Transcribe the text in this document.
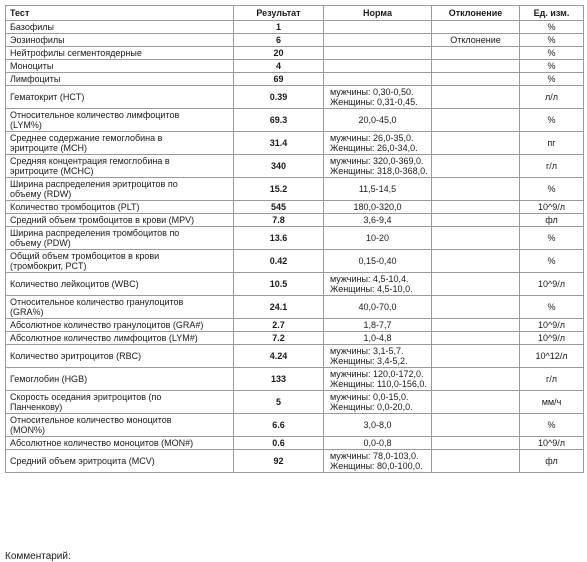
Тест	Результат	Норма	Отклонение	Ед. изм.

Базофилы	1			%

Эозинофилы	6		Отклонение	%

Нейтрофилы сегментоядерные	20			%

Моноциты	4			%

Лимфоциты	69			%

Гематокрит (HCT)	0.39	мужчины: 0,30-0,50.
Женщины: 0,31-0,45.		л/л

Относительное количество лимфоцитов
(LYM%)	69.3	20,0-45,0		%

Среднее содержание гемоглобина в
эритроците (MCH)	31.4	мужчины: 26,0-35,0.
Женщины: 26,0-34,0.		пг

Средняя концентрация гемоглобина в
эритроците (MCHC)	340	мужчины: 320,0-369,0.
Женщины: 318,0-368,0.		г/л

Ширина распределения эритроцитов по
объему (RDW)	15.2	11,5-14,5		%

Количество тромбоцитов (PLT)	545	180,0-320,0		10^9/л

Средний объем тромбоцитов в крови (MPV)	7.8	3,6-9,4		фл

Ширина распределения тромбоцитов по
объему (PDW)	13.6	10-20		%

Общий объем тромбоцитов в крови
(тромбокрит, PCT)	0.42	0,15-0,40		%

Количество лейкоцитов (WBC)	10.5	мужчины: 4,5-10,4.
Женщины: 4,5-10,0.		10^9/л

Относительное количество гранулоцитов
(GRA%)	24.1	40,0-70,0		%

Абсолютное количество гранулоцитов (GRA#)	2.7	1,8-7,7		10^9/л

Абсолютное количество лимфоцитов (LYM#)	7.2	1,0-4,8		10^9/л

Количество эритроцитов (RBC)	4.24	мужчины: 3,1-5,7.
Женщины: 3,4-5,2.		10^12/л

Гемоглобин (HGB)	133	мужчины: 120,0-172,0.
Женщины: 110,0-156,0.		г/л

Скорость оседания эритроцитов (по
Панченкову)	5	мужчины: 0,0-15,0.
Женщины: 0,0-20,0.		мм/ч

Относительное количество моноцитов
(MON%)	6.6	3,0-8,0		%

Абсолютное количество моноцитов (MON#)	0.6	0,0-0,8		10^9/л

Средний объем эритроцита (MCV)	92	мужчины: 78,0-103,0.
Женщины: 80,0-100,0.		фл
Комментарий:
